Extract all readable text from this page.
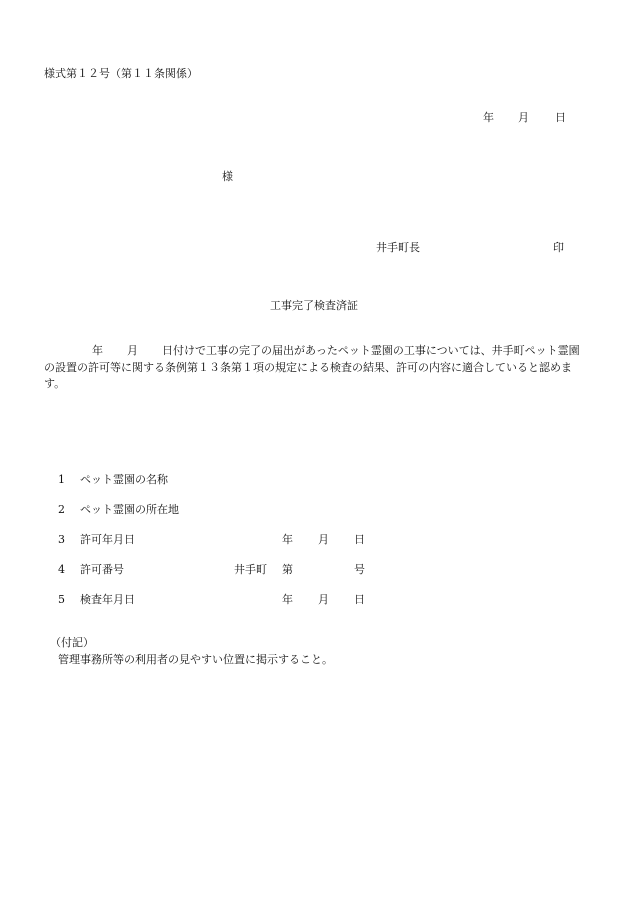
様式第１２号（第１１条関係）
年 月 日
様
井手町長	印
工事完了検査済証
年 月 日付けで工事の完了の届出があったペット霊園の工事については、井手町ペット霊園の設置の許可等に関する条例第１３条第１項の規定による検査の結果、許可の内容に適合していると認めます。
1 ペット霊園の名称
2 ペット霊園の所在地
3 許可年月日	年 月 日
4 許可番号	井手町 第	号
5 検査年月日	年 月 日
（付記）
管理事務所等の利用者の見やすい位置に掲示すること。
